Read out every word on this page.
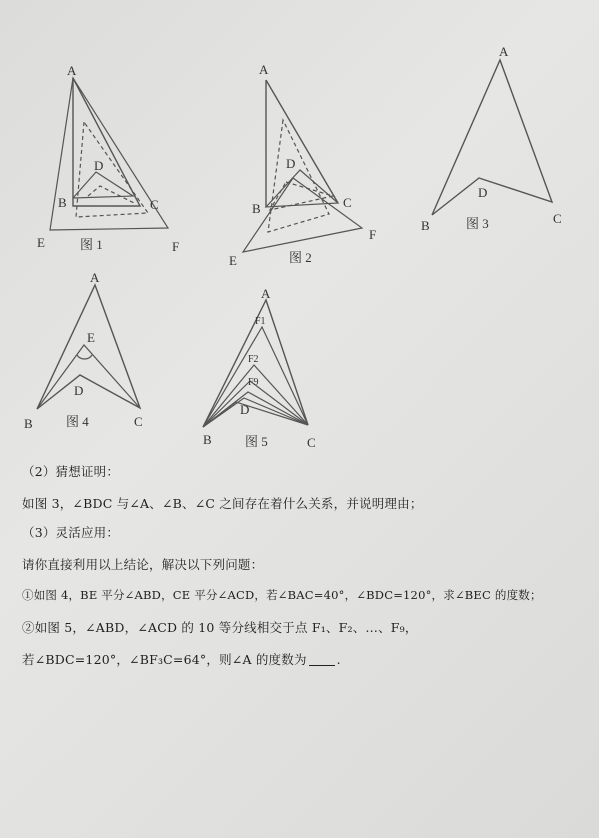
A
B	C
D
E	F
图 1
A
B	C
D
E
F
图 2
A
B	C
D
图 3
A
B	C
D
E
图 4
A
B	C
D
F1
F2
F9
图 5
（2）猜想证明：
如图 3，∠BDC 与∠A、∠B、∠C 之间存在着什么关系，并说明理由；
（3）灵活应用：
请你直接利用以上结论，解决以下列问题：
①如图 4，BE 平分∠ABD，CE 平分∠ACD，若∠BAC=40°，∠BDC=120°，求∠BEC 的度数；
②如图 5，∠ABD，∠ACD 的 10 等分线相交于点 F₁、F₂、…、F₉，
若∠BDC=120°，∠BF₃C=64°，则∠A 的度数为 .
